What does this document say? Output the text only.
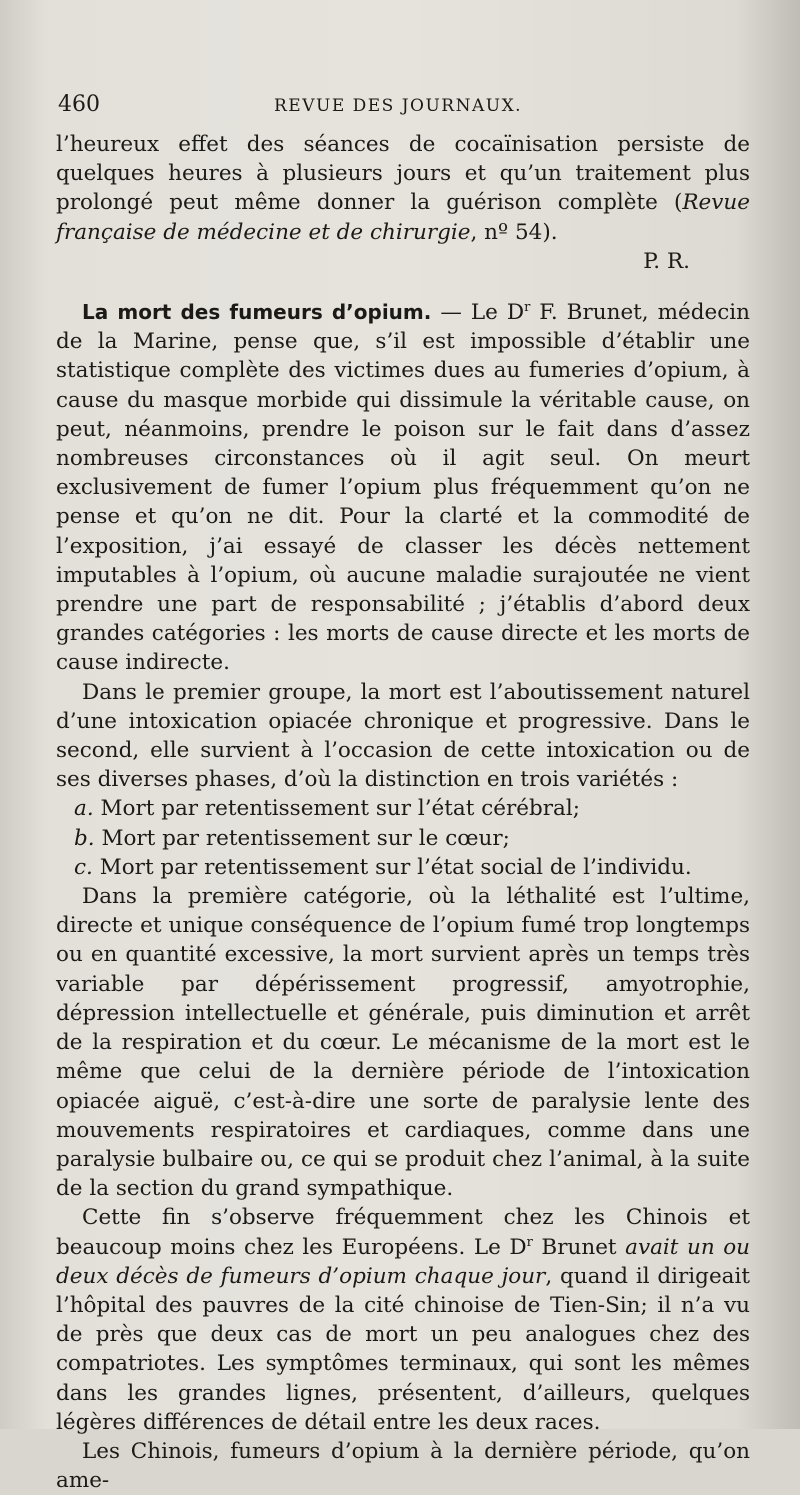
460	REVUE DES JOURNAUX.

l’heureux effet des séances de cocaïnisation persiste de quelques heures à plusieurs jours et qu’un traitement plus prolongé peut même donner la guérison complète (Revue française de médecine et de chirurgie, nº 54).

P. R.

La mort des fumeurs d’opium. — Le $D^r$ F. Brunet, médecin de la Marine, pense que, s’il est impossible d’établir une statistique complète des victimes dues au fumeries d’opium, à cause du masque morbide qui dissimule la véritable cause, on peut, néanmoins, prendre le poison sur le fait dans d’assez nombreuses circonstances où il agit seul. On meurt exclusivement de fumer l’opium plus fréquemment qu’on ne pense et qu’on ne dit. Pour la clarté et la commodité de l’exposition, j’ai essayé de classer les décès nettement imputables à l’opium, où aucune maladie surajoutée ne vient prendre une part de responsabilité ; j’établis d’abord deux grandes catégories : les morts de cause directe et les morts de cause indirecte.

Dans le premier groupe, la mort est l’aboutissement naturel d’une intoxication opiacée chronique et progressive. Dans le second, elle survient à l’occasion de cette intoxication ou de ses diverses phases, d’où la distinction en trois variétés :

a. Mort par retentissement sur l’état cérébral;

b. Mort par retentissement sur le cœur;

c. Mort par retentissement sur l’état social de l’individu.

Dans la première catégorie, où la léthalité est l’ultime, directe et unique conséquence de l’opium fumé trop longtemps ou en quantité excessive, la mort survient après un temps très variable par dépérissement progressif, amyotrophie, dépression intellectuelle et générale, puis diminution et arrêt de la respiration et du cœur. Le mécanisme de la mort est le même que celui de la dernière période de l’intoxication opiacée aiguë, c’est-à-dire une sorte de paralysie lente des mouvements respiratoires et cardiaques, comme dans une paralysie bulbaire ou, ce qui se produit chez l’animal, à la suite de la section du grand sympathique.

Cette fin s’observe fréquemment chez les Chinois et beaucoup moins chez les Européens. Le $D^r$ Brunet avait un ou deux décès de fumeurs d’opium chaque jour, quand il dirigeait l’hôpital des pauvres de la cité chinoise de Tien-Sin; il n’a vu de près que deux cas de mort un peu analogues chez des compatriotes. Les symptômes terminaux, qui sont les mêmes dans les grandes lignes, présentent, d’ailleurs, quelques légères différences de détail entre les deux races.

Les Chinois, fumeurs d’opium à la dernière période, qu’on ame-
